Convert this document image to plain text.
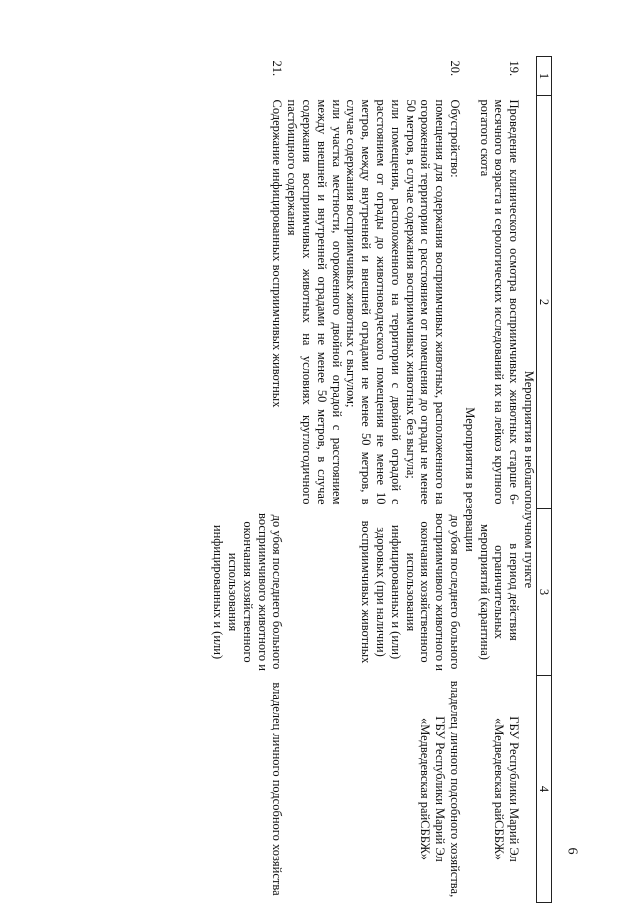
6
1	2	3	4
Мероприятия в неблагополучном пункте			
19.	Проведение клинического осмотра восприимчивых животных старше 6-месячного возраста и серологических исследований их на лейкоз крупного рогатого скота	в период действия ограничительных мероприятий (карантина)	ГБУ Республики Марий Эл «Медведевская райСББЖ»
Мероприятия в резервации			
20.	Обустройство:
помещения для содержания восприимчивых животных, расположенного на огороженной территории с расстоянием от помещения до ограды не менее 50 метров, в случае содержания восприимчивых животных без выгула;
или помещения, расположенного на территории с двойной оградой с расстоянием от ограды до животноводческого помещения не менее 10 метров, между внутренней и внешней оградами не менее 50 метров, в случае содержания восприимчивых животных с выгулом;
или участка местности, огороженного двойной оградой с расстоянием между внешней и внутренней оградами не менее 50 метров, в случае содержания восприимчивых животных на условиях круглогодичного пастбищного содержания	до убоя последнего больного восприимчивого животного и окончания хозяйственного использования инфицированных и (или) здоровых (при наличии) восприимчивых животных	владелец личного подсобного хозяйства, ГБУ Республики Марий Эл «Медведевская райСББЖ»
21.	Содержание инфицированных восприимчивых животных	до убоя последнего больного восприимчивого животного и окончания хозяйственного использования инфицированных и (или)	владелец личного подсобного хозяйства
